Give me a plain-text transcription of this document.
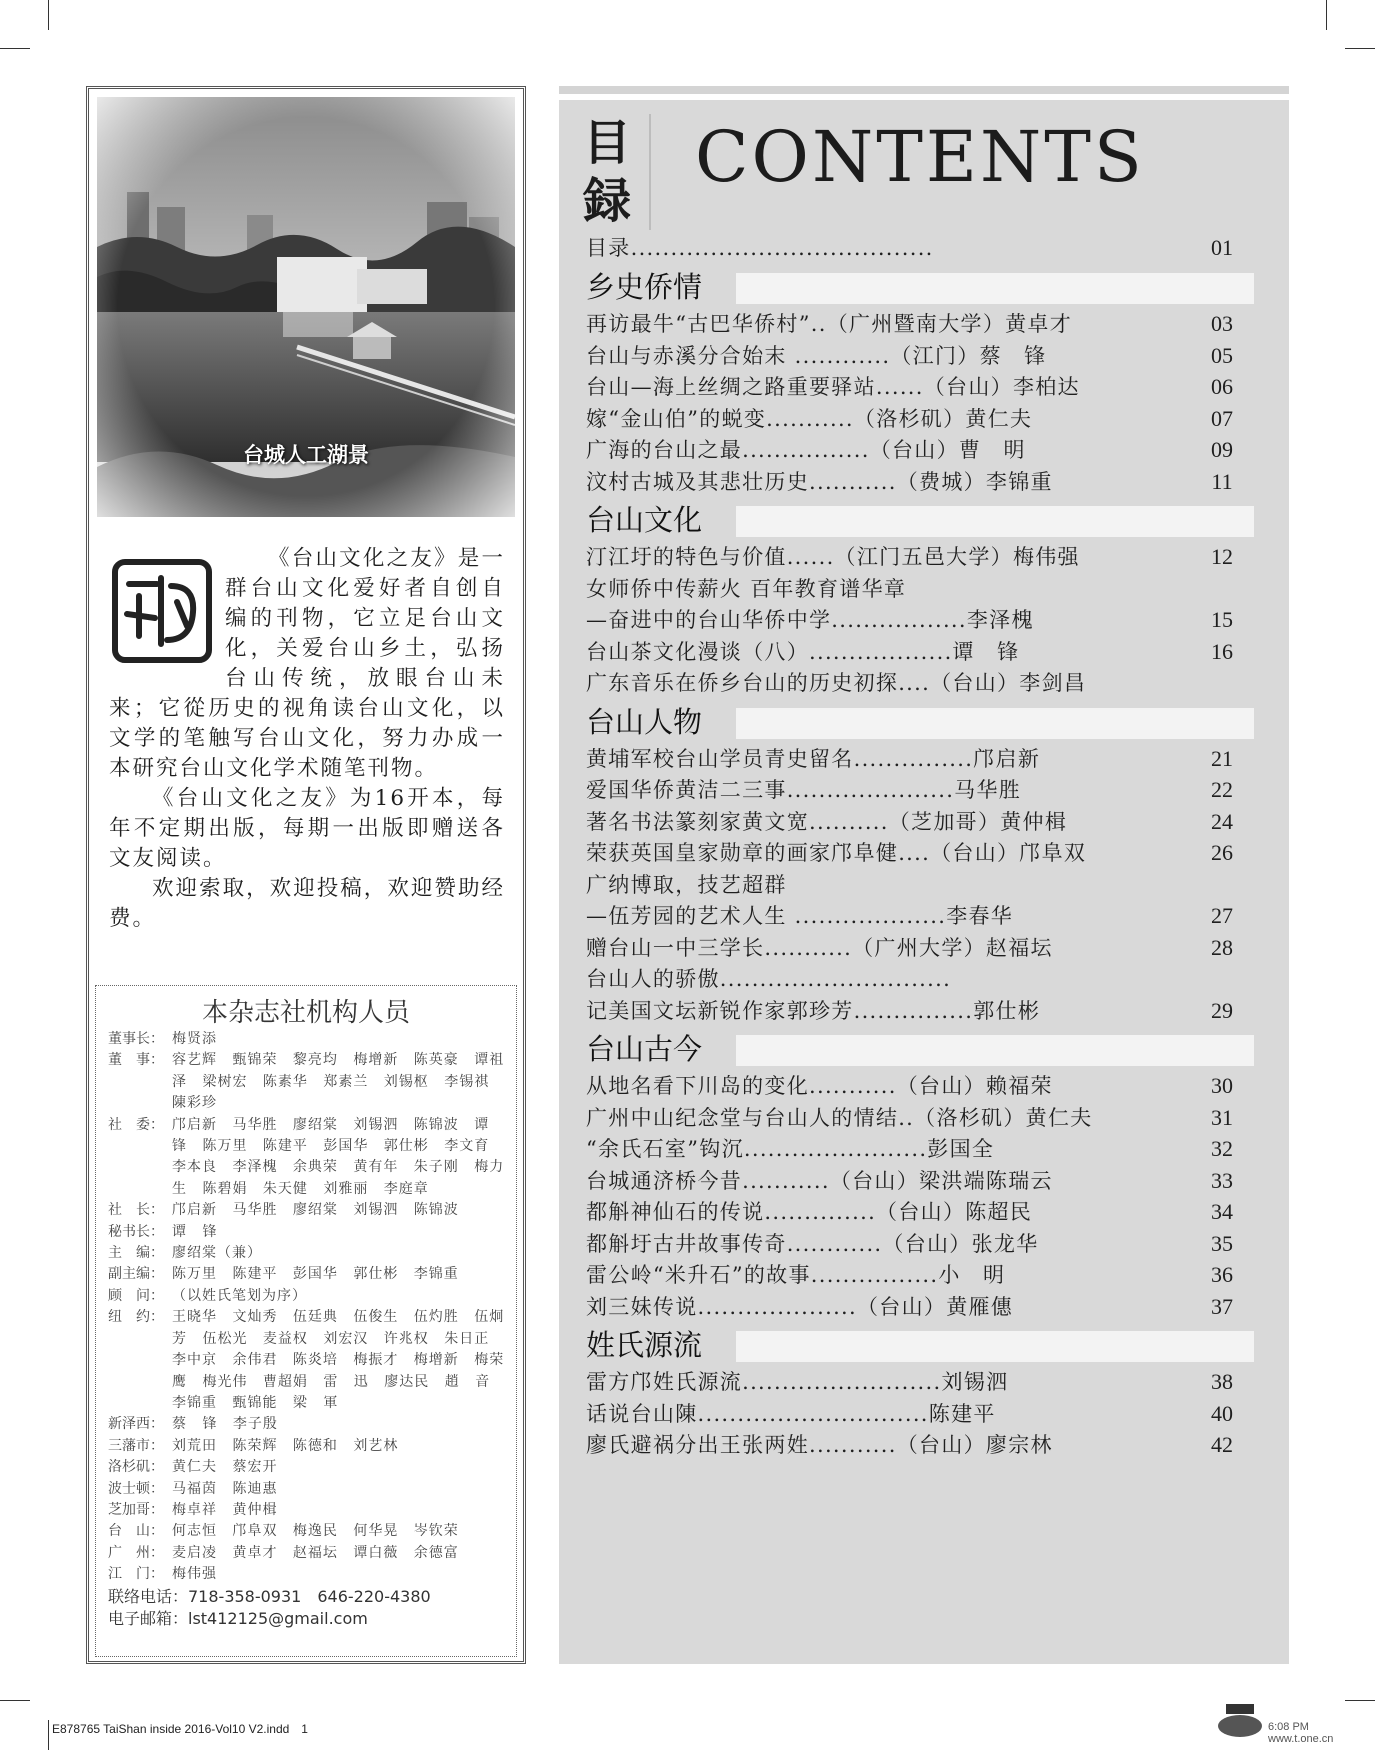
台城人工湖景

《台山文化之友》是一群台山文化爱好者自创自编的刊物，它立足台山文化，关爱台山乡土，弘扬台山传统，放眼台山未来；它從历史的视角读台山文化，以文学的笔触写台山文化，努力办成一本研究台山文化学术随笔刊物。

《台山文化之友》为16开本，每年不定期出版，每期一出版即赠送各文友阅读。

欢迎索取，欢迎投稿，欢迎赞助经费。

本杂志社机构人员
董事长： 梅贤添
董　事： 容艺辉 甄锦荣 黎亮均 梅增新 陈英豪 谭祖泽 梁树宏 陈素华 郑素兰 刘锡枢 李锡祺 陳彩珍
社　委： 邝启新 马华胜 廖绍棠 刘锡泗 陈锦波 谭 锋 陈万里 陈建平 彭国华 郭仕彬 李文育 李本良 李泽槐 余典荣 黄有年 朱子刚 梅力生 陈碧娟 朱天健 刘雅丽 李庭章
社　长： 邝启新 马华胜 廖绍棠 刘锡泗 陈锦波
秘书长： 谭 锋
主　编： 廖绍棠（兼）
副主编： 陈万里 陈建平 彭国华 郭仕彬 李锦重
顾　问： （以姓氏笔划为序）
纽　约： 王晓华 文灿秀 伍廷典 伍俊生 伍灼胜 伍炯芳 伍松光 麦益权 刘宏汉 许兆权 朱日正 李中京 余伟君 陈炎培 梅振才 梅增新 梅荣鹰 梅光伟 曹超娟 雷 迅 廖达民 趙 音 李锦重 甄锦能 梁 軍
新泽西： 蔡 锋 李子殷
三藩市： 刘荒田 陈荣辉 陈德和 刘艺林
洛杉矶： 黄仁夫 蔡宏开
波士顿： 马福茵 陈迪惠
芝加哥： 梅卓祥 黄仲楫
台　山： 何志恒 邝阜双 梅逸民 何华晃 岑钦荣
广　州： 麦启凌 黄卓才 赵福坛 谭白薇 余德富
江　门： 梅伟强
联络电话：718-358-0931　646-220-4380
电子邮箱：lst412125@gmail.com
目録
CONTENTS
目录......................................	01
乡史侨情
再访最牛“古巴华侨村”..（广州暨南大学）黄卓才	03
台山与赤溪分合始末 ............（江门）蔡　锋	05
台山—海上丝绸之路重要驿站......（台山）李柏达	06
嫁“金山伯”的蜕变...........（洛杉矶）黄仁夫	07
广海的台山之最................（台山）曹　明	09
汶村古城及其悲壮历史...........（费城）李锦重	11
台山文化
汀江圩的特色与价值......（江门五邑大学）梅伟强	12
女师侨中传薪火 百年教育谱华章
—奋进中的台山华侨中学.................李泽槐	15
台山茶文化漫谈（八）..................谭　锋	16
广东音乐在侨乡台山的历史初探....（台山）李剑昌
台山人物
黄埔军校台山学员青史留名...............邝启新	21
爱国华侨黄洁二三事.....................马华胜	22
著名书法篆刻家黄文宽..........（芝加哥）黄仲楫	24
荣获英国皇家勋章的画家邝阜健....（台山）邝阜双	26
广纳博取，技艺超群
—伍芳园的艺术人生 ...................李春华	27
赠台山一中三学长...........（广州大学）赵福坛	28
台山人的骄傲.............................
记美国文坛新锐作家郭珍芳...............郭仕彬	29
台山古今
从地名看下川岛的变化...........（台山）赖福荣	30
广州中山纪念堂与台山人的情结..（洛杉矶）黄仁夫	31
“余氏石室”钩沉.......................彭国全	32
台城通济桥今昔...........（台山）梁洪端陈瑞云	33
都斛神仙石的传说..............（台山）陈超民	34
都斛圩古井故事传奇............（台山）张龙华	35
雷公岭“米升石”的故事................小　明	36
刘三妹传说....................（台山）黄雁僡	37
姓氏源流
雷方邝姓氏源流.........................刘锡泗	38
话说台山陳.............................陈建平	40
廖氏避祸分出王张两姓...........（台山）廖宗林	42
E878765 TaiShan inside 2016-Vol10 V2.indd　1	6:08 PM www.t.one.cn
